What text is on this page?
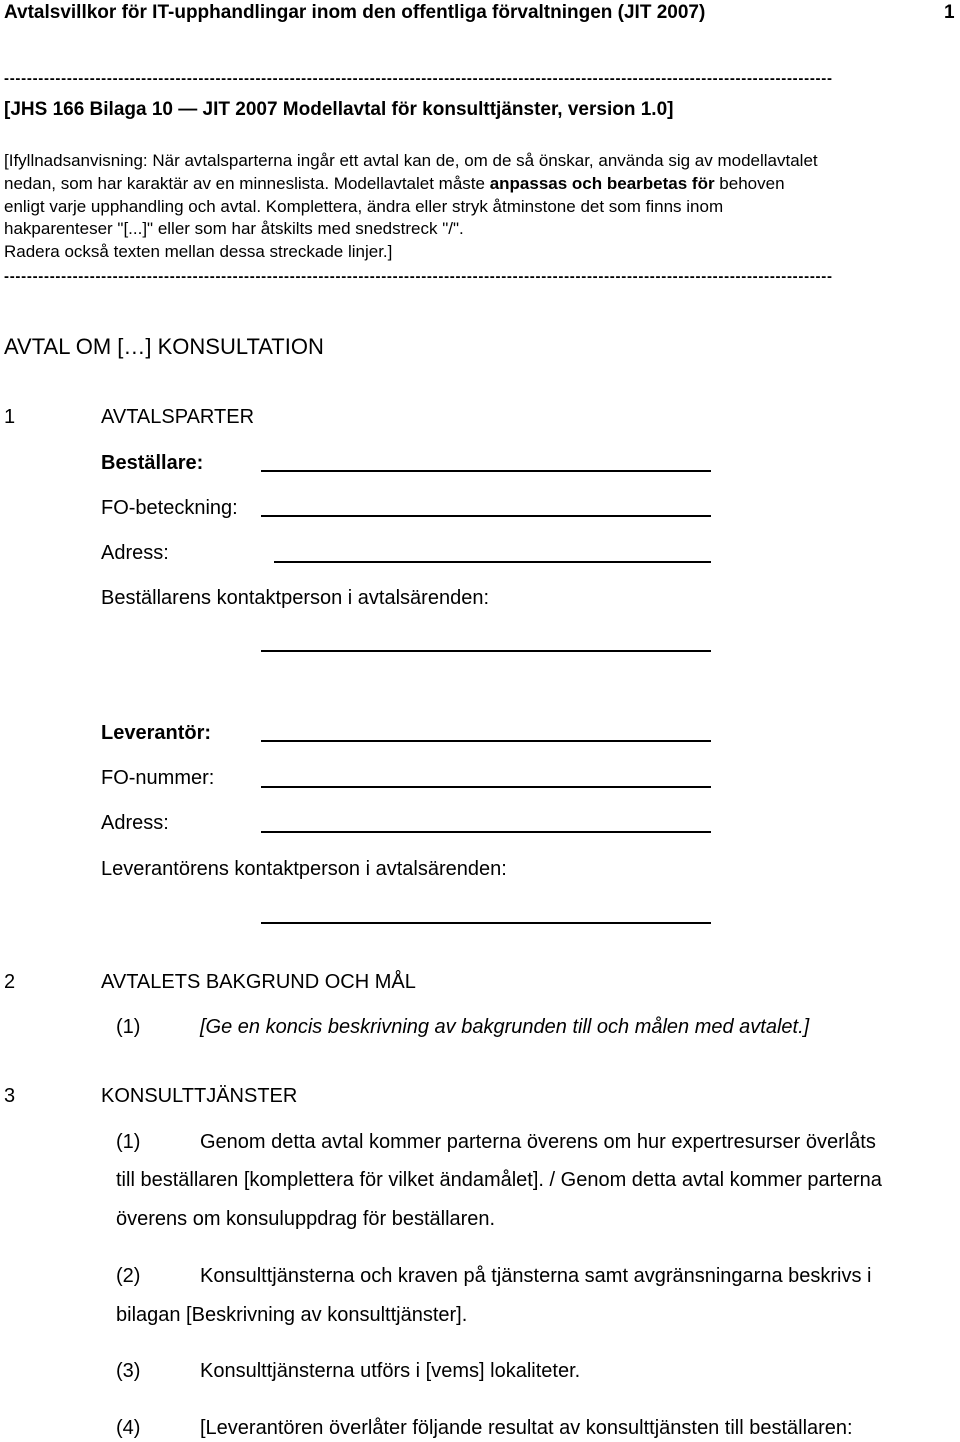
Avtalsvillkor för IT-upphandlingar inom den offentliga förvaltningen (JIT 2007)	1
-------------------------------------------------------------------------------------------------------------------------------------------------
[JHS 166 Bilaga 10 — JIT 2007 Modellavtal för konsulttjänster, version 1.0]
[Ifyllnadsanvisning: När avtalsparterna ingår ett avtal kan de, om de så önskar, använda sig av modellavtalet
nedan, som har karaktär av en minneslista. Modellavtalet måste anpassas och bearbetas för behoven
enligt varje upphandling och avtal. Komplettera, ändra eller stryk åtminstone det som finns inom
hakparenteser "[...]" eller som har åtskilts med snedstreck "/".
Radera också texten mellan dessa streckade linjer.]
-------------------------------------------------------------------------------------------------------------------------------------------------
AVTAL OM […] KONSULTATION
1	AVTALSPARTER
Beställare:
FO-beteckning:
Adress:
Beställarens kontaktperson i avtalsärenden:
Leverantör:
FO-nummer:
Adress:
Leverantörens kontaktperson i avtalsärenden:
2	AVTALETS BAKGRUND OCH MÅL
(1)	[Ge en koncis beskrivning av bakgrunden till och målen med avtalet.]
3	KONSULTTJÄNSTER
(1)	Genom detta avtal kommer parterna överens om hur expertresurser överlåts
till beställaren [komplettera för vilket ändamålet]. / Genom detta avtal kommer parterna
överens om konsuluppdrag för beställaren.
(2)	Konsulttjänsterna och kraven på tjänsterna samt avgränsningarna beskrivs i
bilagan [Beskrivning av konsulttjänster].
(3)	Konsulttjänsterna utförs i [vems] lokaliteter.
(4)	[Leverantören överlåter följande resultat av konsulttjänsten till beställaren:
